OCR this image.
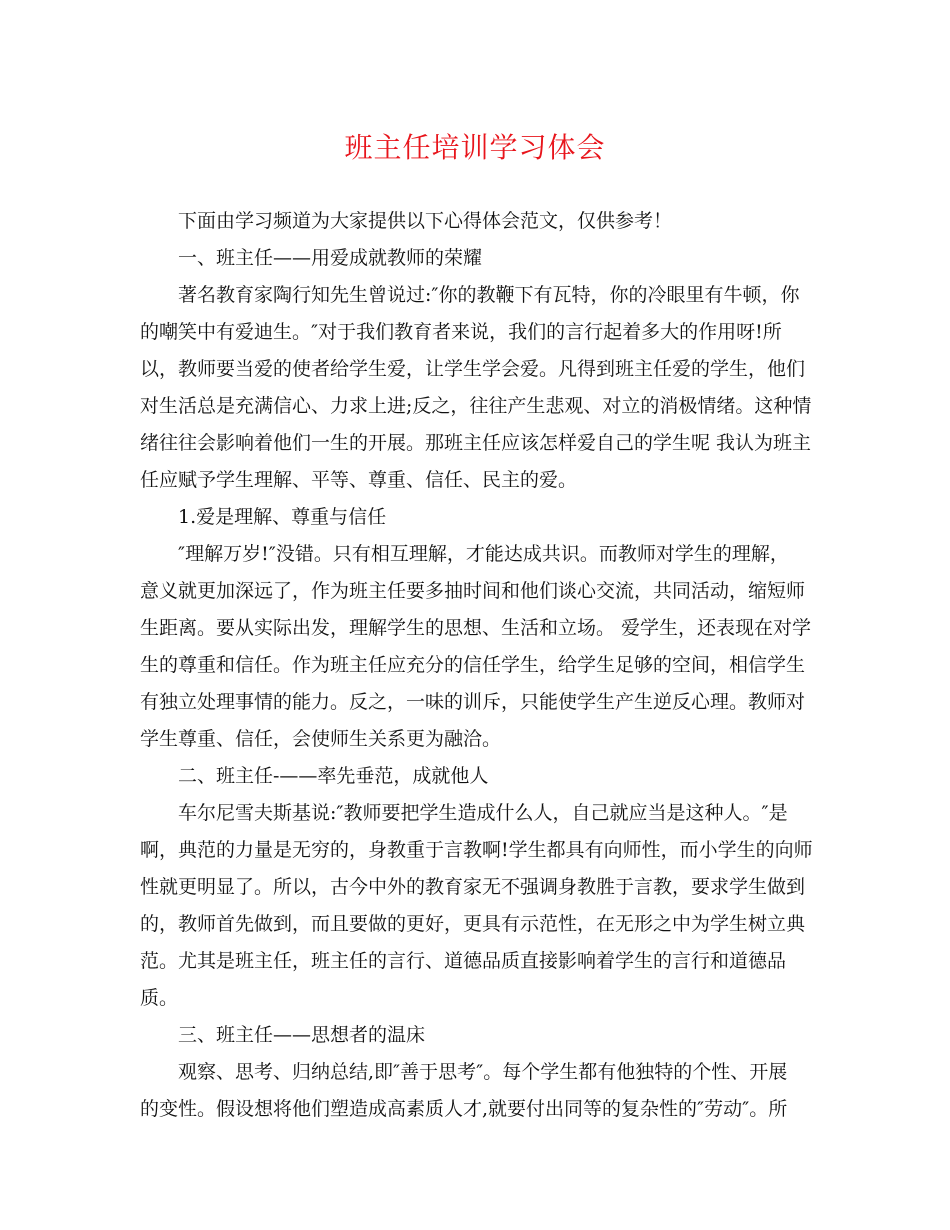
班主任培训学习体会
下面由学习频道为大家提供以下心得体会范文，仅供参考！
一、班主任——用爱成就教师的荣耀
著名教育家陶行知先生曾说过:″你的教鞭下有瓦特，你的冷眼里有牛顿，你
的嘲笑中有爱迪生。″对于我们教育者来说，我们的言行起着多大的作用呀!所
以，教师要当爱的使者给学生爱，让学生学会爱。凡得到班主任爱的学生，他们
对生活总是充满信心、力求上进;反之，往往产生悲观、对立的消极情绪。这种情
绪往往会影响着他们一生的开展。那班主任应该怎样爱自己的学生呢 我认为班主
任应赋予学生理解、平等、尊重、信任、民主的爱。
1.爱是理解、尊重与信任
″理解万岁!″没错。只有相互理解，才能达成共识。而教师对学生的理解，
意义就更加深远了，作为班主任要多抽时间和他们谈心交流，共同活动，缩短师
生距离。要从实际出发，理解学生的思想、生活和立场。 爱学生，还表现在对学
生的尊重和信任。作为班主任应充分的信任学生，给学生足够的空间，相信学生
有独立处理事情的能力。反之，一味的训斥，只能使学生产生逆反心理。教师对
学生尊重、信任，会使师生关系更为融洽。
二、班主任-——率先垂范，成就他人
车尔尼雪夫斯基说:″教师要把学生造成什么人，自己就应当是这种人。″是
啊，典范的力量是无穷的，身教重于言教啊!学生都具有向师性，而小学生的向师
性就更明显了。所以，古今中外的教育家无不强调身教胜于言教，要求学生做到
的，教师首先做到，而且要做的更好，更具有示范性，在无形之中为学生树立典
范。尤其是班主任，班主任的言行、道德品质直接影响着学生的言行和道德品
质。
三、班主任——思想者的温床
观察、思考、归纳总结,即″善于思考″。每个学生都有他独特的个性、开展
的变性。假设想将他们塑造成高素质人才,就要付出同等的复杂性的″劳动″。所
